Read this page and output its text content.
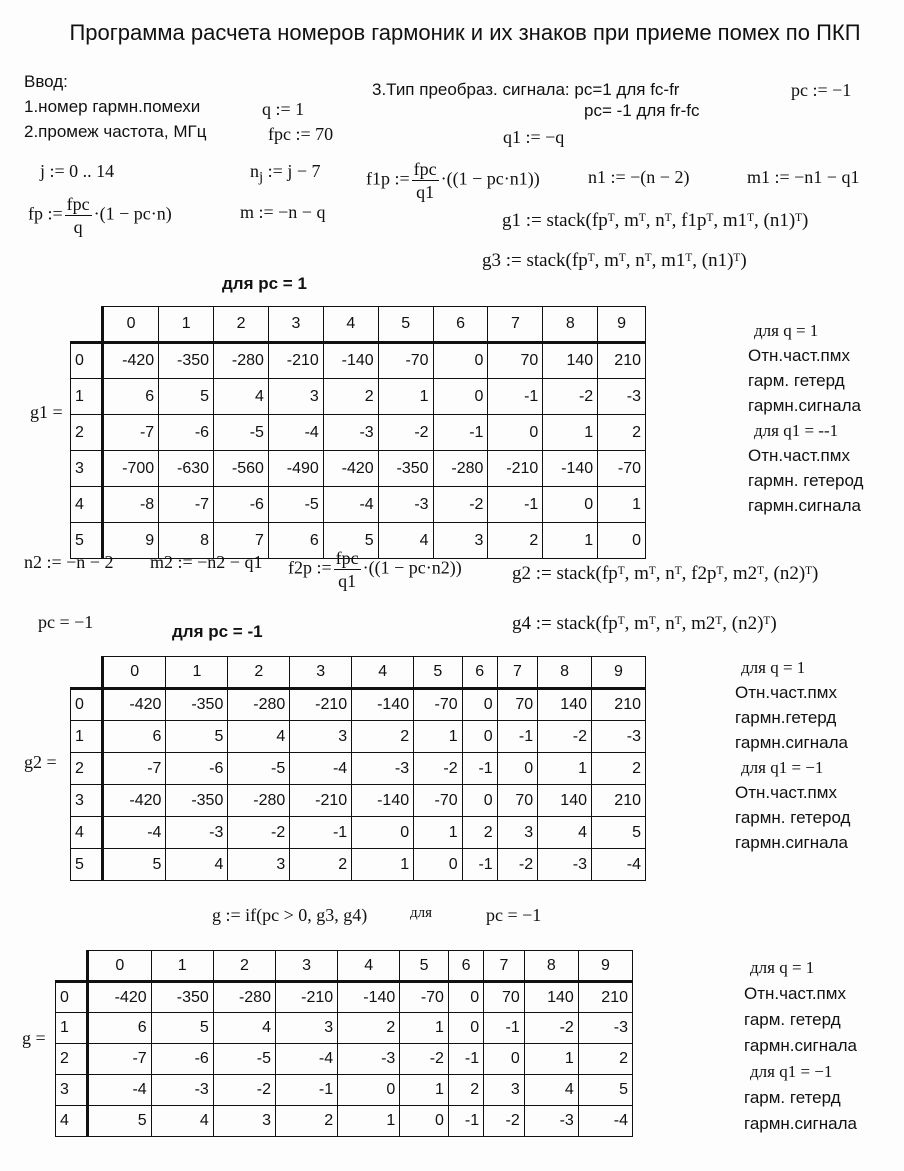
Программа расчета номеров гармоник и их знаков при приеме помех по ПКП
Ввод:
1.номер гармн.помехи	q := 1
2.промеж частота, МГц	fpc := 70
3.Тип преобраз. сигнала: pc=1 для fc-fr
pc= -1 для fr-fc
pc := −1
q1 := −q
j := 0 .. 14	$n_j$ := j − 7
m := −n − q
fp := $\frac{\text{fpc}}{q} \cdot(1 - pc\cdot n)$
f1p := $\frac{\text{fpc}}{q1} \cdot((1 - pc\cdot n1))$	n1 := −(n − 2)	m1 := −n1 − q1
g1 := stack(fpᵀ, mᵀ, nᵀ, f1pᵀ, m1ᵀ, (n1)ᵀ)
g3 := stack(fpᵀ, mᵀ, nᵀ, m1ᵀ, (n1)ᵀ)
для pc = 1
g1 =
	0	1	2	3	4	5	6	7	8	9
0	-420	-350	-280	-210	-140	-70	0	70	140	210
1	6	5	4	3	2	1	0	-1	-2	-3
2	-7	-6	-5	-4	-3	-2	-1	0	1	2
3	-700	-630	-560	-490	-420	-350	-280	-210	-140	-70
4	-8	-7	-6	-5	-4	-3	-2	-1	0	1
5	9	8	7	6	5	4	3	2	1	0
для q = 1
Отн.част.пмх
гарм. гетерд
гармн.сигнала
для q1 = --1
Отн.част.пмх
гармн. гетерод
гармн.сигнала
n2 := −n − 2 m2 := −n2 − q1 f2p := $\frac{\text{fpc}}{q1} \cdot((1 - pc\cdot n2))$	g2 := stack(fpᵀ, mᵀ, nᵀ, f2pᵀ, m2ᵀ, (n2)ᵀ)
g4 := stack(fpᵀ, mᵀ, nᵀ, m2ᵀ, (n2)ᵀ)
pc = −1	для pc = -1
g2 =
	0	1	2	3	4	5	6	7	8	9
0	-420	-350	-280	-210	-140	-70	0	70	140	210
1	6	5	4	3	2	1	0	-1	-2	-3
2	-7	-6	-5	-4	-3	-2	-1	0	1	2
3	-420	-350	-280	-210	-140	-70	0	70	140	210
4	-4	-3	-2	-1	0	1	2	3	4	5
5	5	4	3	2	1	0	-1	-2	-3	-4
для q = 1
Отн.част.пмх
гармн.гетерд
гармн.сигнала
для q1 = −1
Отн.част.пмх
гармн. гетерод
гармн.сигнала
g := if(pc > 0, g3, g4)	для	pc = −1
g =
	0	1	2	3	4	5	6	7	8	9
0	-420	-350	-280	-210	-140	-70	0	70	140	210
1	6	5	4	3	2	1	0	-1	-2	-3
2	-7	-6	-5	-4	-3	-2	-1	0	1	2
3	-4	-3	-2	-1	0	1	2	3	4	5
4	5	4	3	2	1	0	-1	-2	-3	-4
для q = 1
Отн.част.пмх
гарм. гетерд
гармн.сигнала
для q1 = −1
гарм. гетерд
гармн.сигнала
